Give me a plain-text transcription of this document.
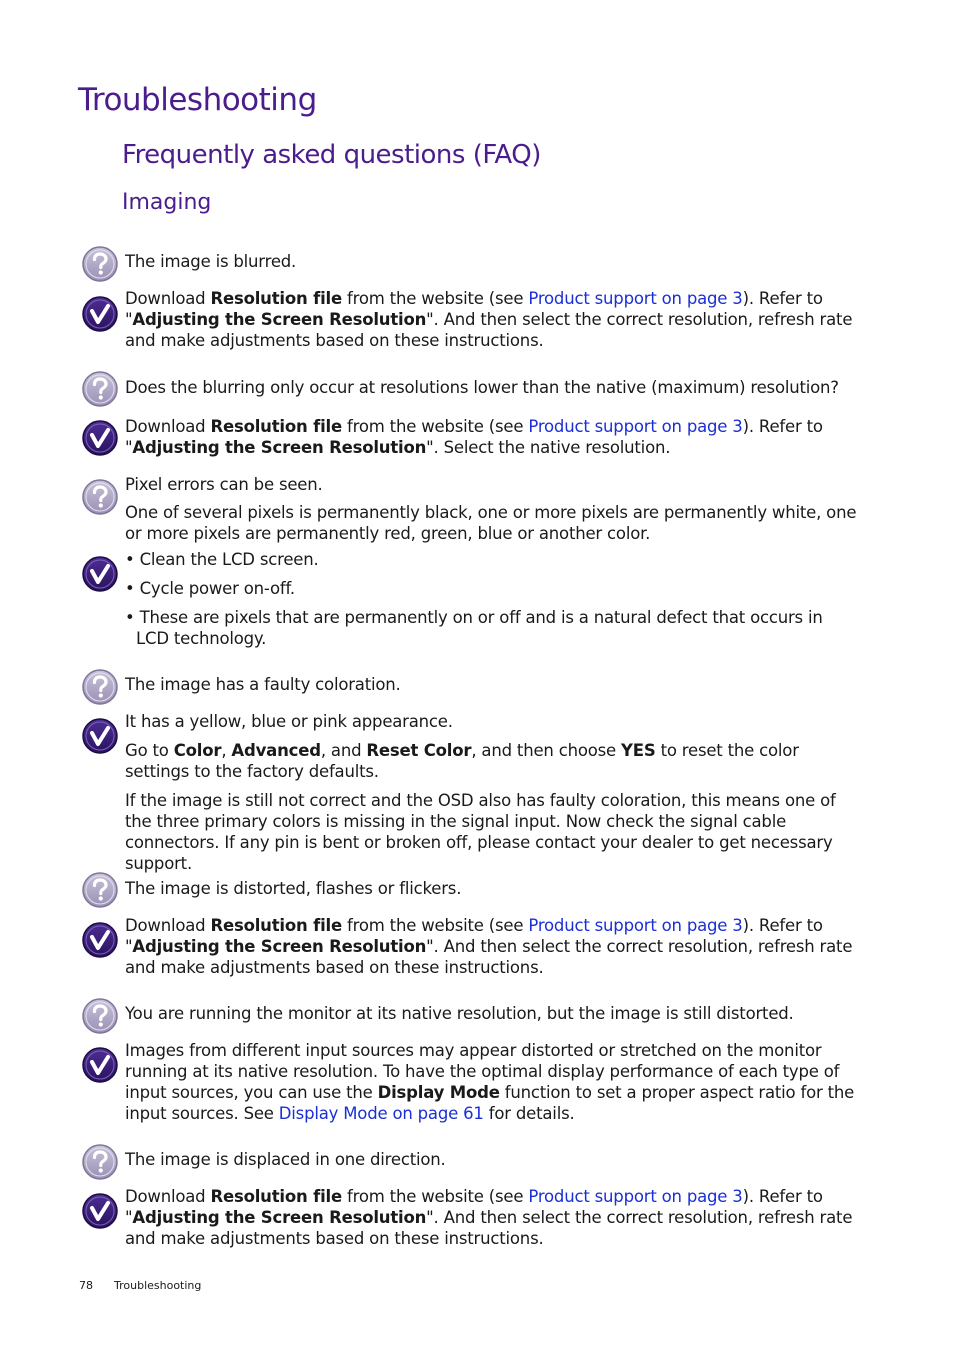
Troubleshooting
Frequently asked questions (FAQ)
Imaging
The image is blurred.

Download Resolution file from the website (see Product support on page 3). Refer to "Adjusting the Screen Resolution". And then select the correct resolution, refresh rate and make adjustments based on these instructions.

Does the blurring only occur at resolutions lower than the native (maximum) resolution?

Download Resolution file from the website (see Product support on page 3). Refer to "Adjusting the Screen Resolution". Select the native resolution.

Pixel errors can be seen.

One of several pixels is permanently black, one or more pixels are permanently white, one or more pixels are permanently red, green, blue or another color.

• Clean the LCD screen.

• Cycle power on-off.

• These are pixels that are permanently on or off and is a natural defect that occurs in LCD technology.

The image has a faulty coloration.

It has a yellow, blue or pink appearance.

Go to Color, Advanced, and Reset Color, and then choose YES to reset the color settings to the factory defaults.

If the image is still not correct and the OSD also has faulty coloration, this means one of the three primary colors is missing in the signal input. Now check the signal cable connectors. If any pin is bent or broken off, please contact your dealer to get necessary support.

The image is distorted, flashes or flickers.

Download Resolution file from the website (see Product support on page 3). Refer to "Adjusting the Screen Resolution". And then select the correct resolution, refresh rate and make adjustments based on these instructions.

You are running the monitor at its native resolution, but the image is still distorted.

Images from different input sources may appear distorted or stretched on the monitor running at its native resolution. To have the optimal display performance of each type of input sources, you can use the Display Mode function to set a proper aspect ratio for the input sources. See Display Mode on page 61 for details.

The image is displaced in one direction.

Download Resolution file from the website (see Product support on page 3). Refer to "Adjusting the Screen Resolution". And then select the correct resolution, refresh rate and make adjustments based on these instructions.

78 Troubleshooting
